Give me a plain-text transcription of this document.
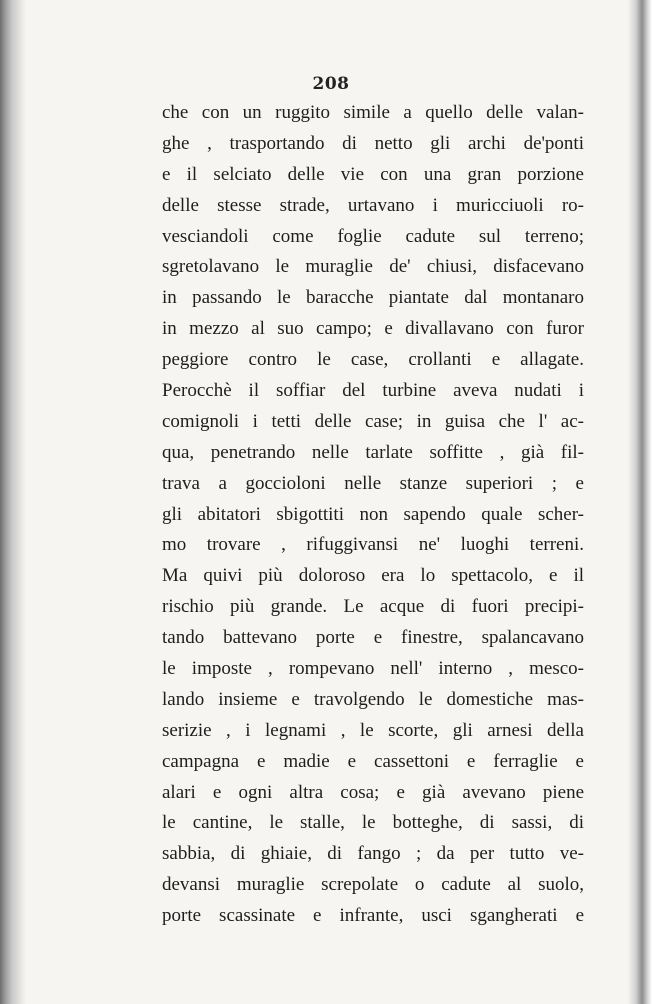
208
che con un ruggito simile a quello delle valan-
ghe , trasportando di netto gli archi de'ponti
e il selciato delle vie con una gran porzione
delle stesse strade, urtavano i muricciuoli ro-
vesciandoli come foglie cadute sul terreno;
sgretolavano le muraglie de' chiusi, disfacevano
in passando le baracche piantate dal montanaro
in mezzo al suo campo; e divallavano con furor
peggiore contro le case, crollanti e allagate.
Perocchè il soffiar del turbine aveva nudati i
comignoli i tetti delle case; in guisa che l' ac-
qua, penetrando nelle tarlate soffitte , già fil-
trava a goccioloni nelle stanze superiori ; e
gli abitatori sbigottiti non sapendo quale scher-
mo trovare , rifuggivansi ne' luoghi terreni.
Ma quivi più doloroso era lo spettacolo, e il
rischio più grande. Le acque di fuori precipi-
tando battevano porte e finestre, spalancavano
le imposte , rompevano nell' interno , mesco-
lando insieme e travolgendo le domestiche mas-
serizie , i legnami , le scorte, gli arnesi della
campagna e madie e cassettoni e ferraglie e
alari e ogni altra cosa; e già avevano piene
le cantine, le stalle, le botteghe, di sassi, di
sabbia, di ghiaie, di fango ; da per tutto ve-
devansi muraglie screpolate o cadute al suolo,
porte scassinate e infrante, usci sgangherati e
